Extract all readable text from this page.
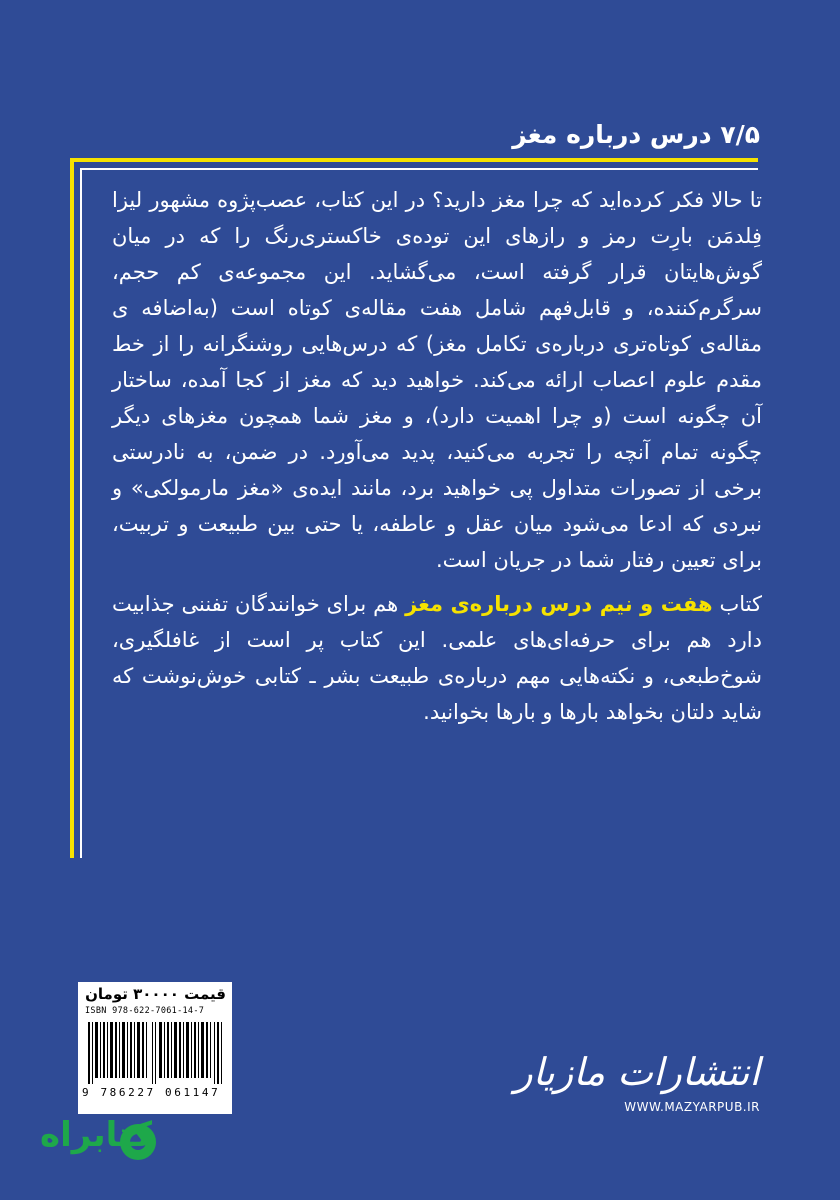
۷/۵ درس درباره مغز

تا حالا فکر کرده‌اید که چرا مغز دارید؟ در این کتاب، عصب‌پژوه مشهور لیزا فِلدمَن بارِت رمز و رازهای این توده‌ی خاکستری‌رنگ را که در میان گوش‌هایتان قرار گرفته است، می‌گشاید. این مجموعه‌ی کم حجم، سرگرم‌کننده، و قابل‌فهم شامل هفت مقاله‌ی کوتاه است (به‌اضافه ی مقاله‌ی کوتاه‌تری درباره‌ی تکامل مغز) که درس‌هایی روشنگرانه را از خط مقدم علوم اعصاب ارائه می‌کند. خواهید دید که مغز از کجا آمده، ساختار آن چگونه است (و چرا اهمیت دارد)، و مغز شما همچون مغزهای دیگر چگونه تمام آنچه را تجربه می‌کنید، پدید می‌آورد. در ضمن، به نادرستی برخی از تصورات متداول پی خواهید برد، مانند ایده‌ی «مغز مارمولکی» و نبردی که ادعا می‌شود میان عقل و عاطفه، یا حتی بین طبیعت و تربیت، برای تعیین رفتار شما در جریان است.

کتاب هفت و نیم درس درباره‌ی مغز هم برای خوانندگان تفننی جذابیت دارد هم برای حرفه‌ای‌های علمی. این کتاب پر است از غافلگیری، شوخ‌طبعی، و نکته‌هایی مهم درباره‌ی طبیعت بشر ـ کتابی خوش‌نوشت که شاید دلتان بخواهد بارها و بارها بخوانید.

قیمت ۳۰۰۰۰ تومان
ISBN 978-622-7061-14-7
9 786227 061147	انتشارات مازیار
WWW.MAZYARPUB.IR
کتابراه
